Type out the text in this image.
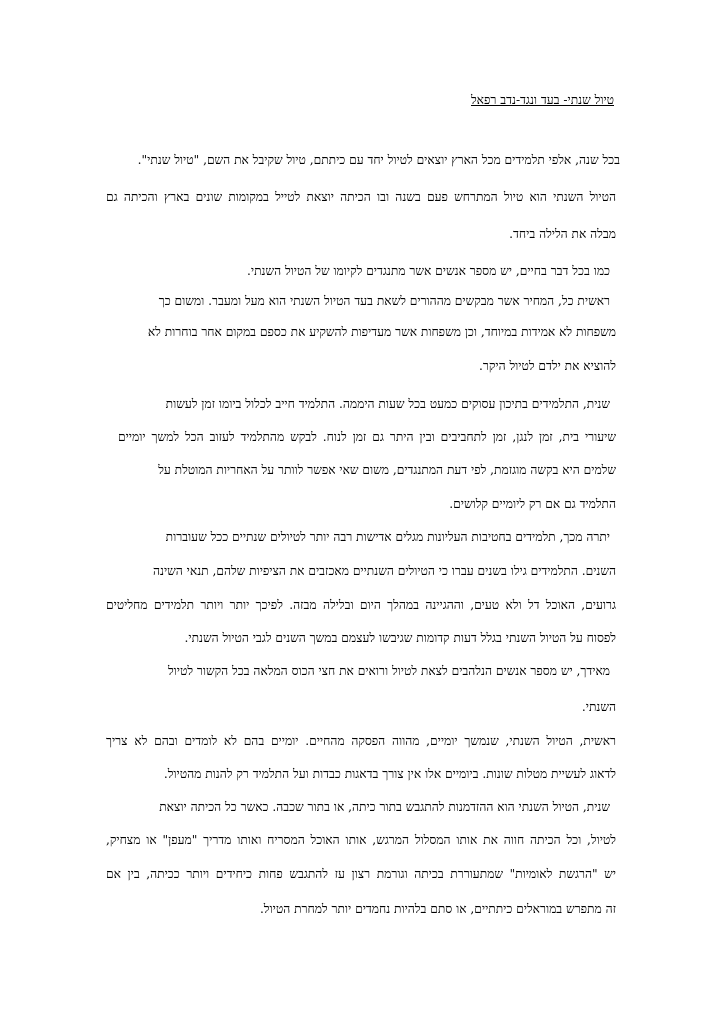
טיול שנתי- בעד ונגד-נדב רפאל
בכל שנה, אלפי תלמידים מכל הארץ יוצאים לטיול יחד עם כיתתם, טיול שקיבל את השם, "טיול שנתי".
הטיול השנתי הוא טיול המתרחש פעם בשנה ובו הכיתה יוצאת לטייל במקומות שונים בארץ והכיתה גם
מבלה את הלילה ביחד.
כמו בכל דבר בחיים, יש מספר אנשים אשר מתנגדים לקיומו של הטיול השנתי.
ראשית כל, המחיר אשר מבקשים מההורים לשאת בעד הטיול השנתי הוא מעל ומעבר. ומשום כך
משפחות לא אמידות במיוחד, וכן משפחות אשר מעדיפות להשקיע את כספם במקום אחר בוחרות לא
להוציא את ילדם לטיול היקר.
שנית, התלמידים בתיכון עסוקים כמעט בכל שעות היממה. התלמיד חייב לכלול ביומו זמן לעשות
שיעורי בית, זמן לנגן, זמן לתחביבים ובין היתר גם זמן לנוח. לבקש מהתלמיד לעזוב הכל למשך יומיים
שלמים היא בקשה מוגזמת, לפי דעת המתנגדים, משום שאי אפשר לוותר על האחריות המוטלת על
התלמיד גם אם רק ליומיים קלושים.
יתרה מכך, תלמידים בחטיבות העליונות מגלים אדישות רבה יותר לטיולים שנתיים ככל שעוברות
השנים. התלמידים גילו בשנים עברו כי הטיולים השנתיים מאכזבים את הציפיות שלהם, תנאי השינה
גרועים, האוכל דל ולא טעים, וההגיינה במהלך היום ובלילה מבזה. לפיכך יותר ויותר תלמידים מחליטים
לפסוח על הטיול השנתי בגלל דעות קדומות שגיבשו לעצמם במשך השנים לגבי הטיול השנתי.
מאידך, יש מספר אנשים הנלהבים לצאת לטיול ורואים את חצי הכוס המלאה בכל הקשור לטיול
השנתי.
ראשית, הטיול השנתי, שנמשך יומיים, מהווה הפסקה מהחיים. יומיים בהם לא לומדים ובהם לא צריך
לדאוג לעשיית מטלות שונות. ביומיים אלו אין צורך בדאגות כבדות ועל התלמיד רק להנות מהטיול.
שנית, הטיול השנתי הוא ההזדמנות להתגבש בתור כיתה, או בתור שכבה. כאשר כל הכיתה יוצאת
לטיול, וכל הכיתה חווה את אותו המסלול המרגש, אותו האוכל המסריח ואותו מדריך "מעפן" או מצחיק,
יש "הרגשת לאומיות" שמתעוררת בכיתה וגורמת רצון עז להתגבש פחות כיחידים ויותר ככיתה, בין אם
זה מתפרש במוראלים כיתתיים, או סתם בלהיות נחמדים יותר למחרת הטיול.
